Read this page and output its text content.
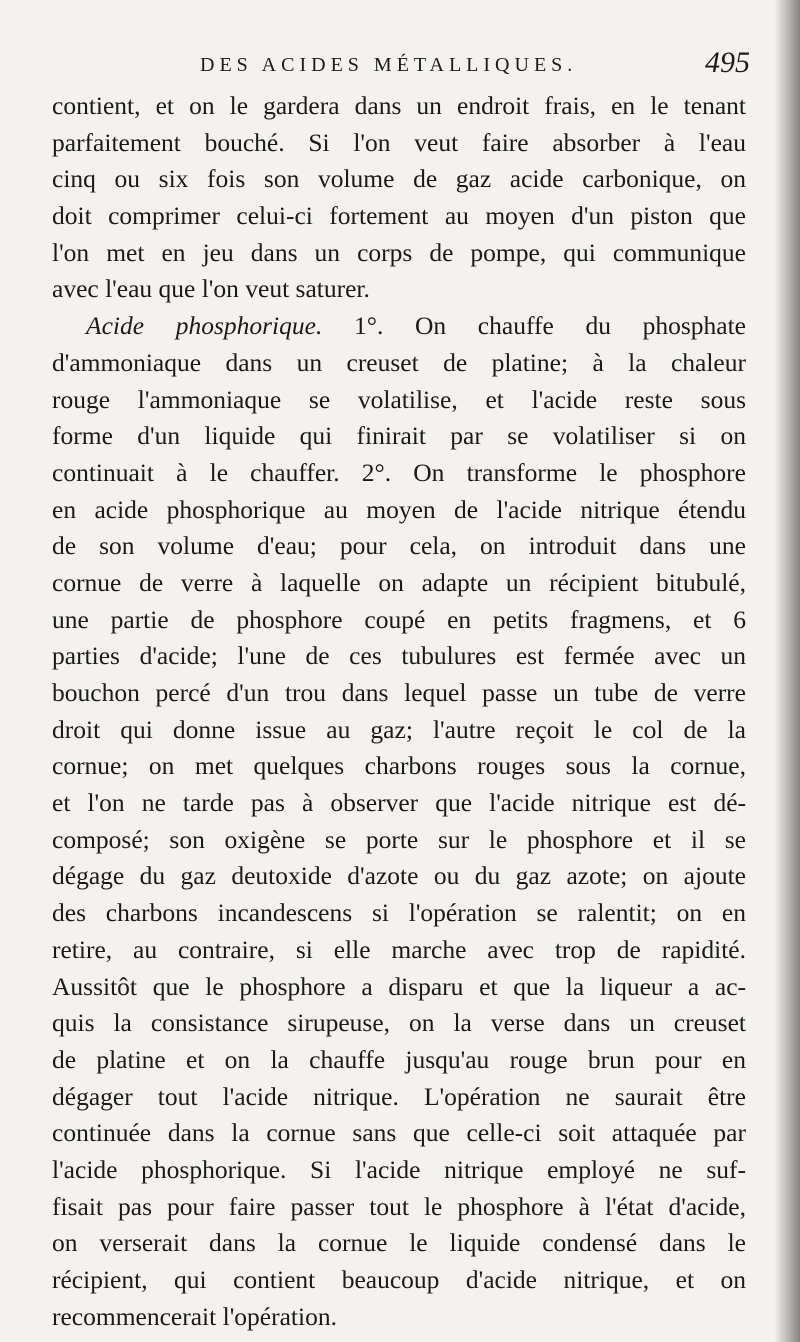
DES ACIDES MÉTALLIQUES.	495
contient, et on le gardera dans un endroit frais, en le tenant
parfaitement bouché. Si l'on veut faire absorber à l'eau
cinq ou six fois son volume de gaz acide carbonique, on
doit comprimer celui-ci fortement au moyen d'un piston que
l'on met en jeu dans un corps de pompe, qui communique
avec l'eau que l'on veut saturer.
Acide phosphorique. 1°. On chauffe du phosphate
d'ammoniaque dans un creuset de platine; à la chaleur
rouge l'ammoniaque se volatilise, et l'acide reste sous
forme d'un liquide qui finirait par se volatiliser si on
continuait à le chauffer. 2°. On transforme le phosphore
en acide phosphorique au moyen de l'acide nitrique étendu
de son volume d'eau; pour cela, on introduit dans une
cornue de verre à laquelle on adapte un récipient bitubulé,
une partie de phosphore coupé en petits fragmens, et 6
parties d'acide; l'une de ces tubulures est fermée avec un
bouchon percé d'un trou dans lequel passe un tube de verre
droit qui donne issue au gaz; l'autre reçoit le col de la
cornue; on met quelques charbons rouges sous la cornue,
et l'on ne tarde pas à observer que l'acide nitrique est dé-
composé; son oxigène se porte sur le phosphore et il se
dégage du gaz deutoxide d'azote ou du gaz azote; on ajoute
des charbons incandescens si l'opération se ralentit; on en
retire, au contraire, si elle marche avec trop de rapidité.
Aussitôt que le phosphore a disparu et que la liqueur a ac-
quis la consistance sirupeuse, on la verse dans un creuset
de platine et on la chauffe jusqu'au rouge brun pour en
dégager tout l'acide nitrique. L'opération ne saurait être
continuée dans la cornue sans que celle-ci soit attaquée par
l'acide phosphorique. Si l'acide nitrique employé ne suf-
fisait pas pour faire passer tout le phosphore à l'état d'acide,
on verserait dans la cornue le liquide condensé dans le
récipient, qui contient beaucoup d'acide nitrique, et on
recommencerait l'opération.
